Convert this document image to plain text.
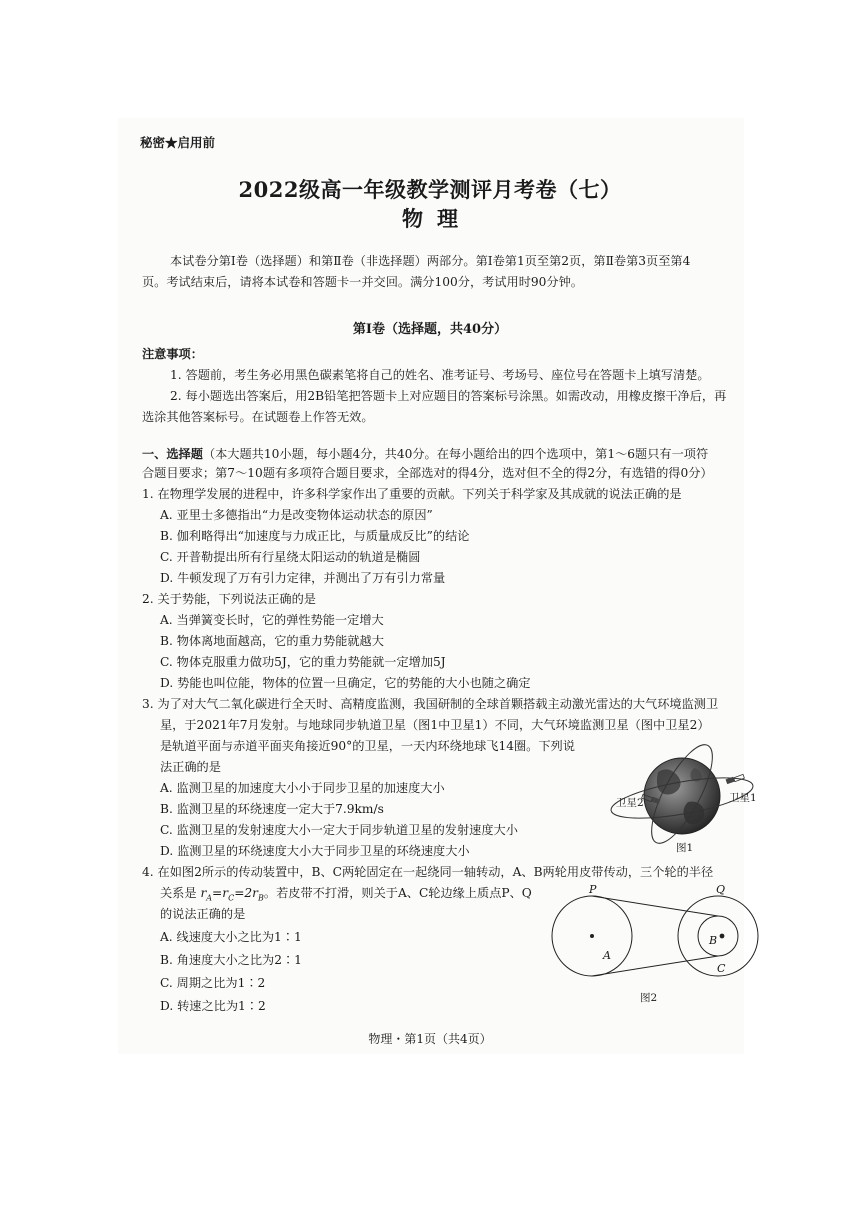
秘密★启用前
2022级高一年级教学测评月考卷（七）
物理
本试卷分第Ⅰ卷（选择题）和第Ⅱ卷（非选择题）两部分。第Ⅰ卷第1页至第2页，第Ⅱ卷第3页至第4
页。考试结束后，请将本试卷和答题卡一并交回。满分100分，考试用时90分钟。
第Ⅰ卷（选择题，共40分）
注意事项：
1. 答题前，考生务必用黑色碳素笔将自己的姓名、准考证号、考场号、座位号在答题卡上填写清楚。
2. 每小题选出答案后，用2B铅笔把答题卡上对应题目的答案标号涂黑。如需改动，用橡皮擦干净后，再
选涂其他答案标号。在试题卷上作答无效。
一、选择题（本大题共10小题，每小题4分，共40分。在每小题给出的四个选项中，第1～6题只有一项符
合题目要求；第7～10题有多项符合题目要求，全部选对的得4分，选对但不全的得2分，有选错的得0分）
1. 在物理学发展的进程中，许多科学家作出了重要的贡献。下列关于科学家及其成就的说法正确的是
A. 亚里士多德指出“力是改变物体运动状态的原因”
B. 伽利略得出“加速度与力成正比，与质量成反比”的结论
C. 开普勒提出所有行星绕太阳运动的轨道是椭圆
D. 牛顿发现了万有引力定律，并测出了万有引力常量
2. 关于势能，下列说法正确的是
A. 当弹簧变长时，它的弹性势能一定增大
B. 物体离地面越高，它的重力势能就越大
C. 物体克服重力做功5J，它的重力势能就一定增加5J
D. 势能也叫位能，物体的位置一旦确定，它的势能的大小也随之确定
3. 为了对大气二氧化碳进行全天时、高精度监测，我国研制的全球首颗搭载主动激光雷达的大气环境监测卫
星，于2021年7月发射。与地球同步轨道卫星（图1中卫星1）不同，大气环境监测卫星（图中卫星2）
是轨道平面与赤道平面夹角接近90°的卫星，一天内环绕地球飞14圈。下列说
法正确的是
A. 监测卫星的加速度大小小于同步卫星的加速度大小
B. 监测卫星的环绕速度一定大于7.9km/s
C. 监测卫星的发射速度大小一定大于同步轨道卫星的发射速度大小
D. 监测卫星的环绕速度大小大于同步卫星的环绕速度大小
卫星2	卫星1
图1
4. 在如图2所示的传动装置中，B、C两轮固定在一起绕同一轴转动，A、B两轮用皮带传动，三个轮的半径
关系是 $r_A=r_C=2r_B$。若皮带不打滑，则关于A、C轮边缘上质点P、Q
的说法正确的是
A. 线速度大小之比为1∶1
B. 角速度大小之比为2∶1
C. 周期之比为1∶2
D. 转速之比为1∶2
P	Q
A
B
C
图2
物理・第1页（共4页）
